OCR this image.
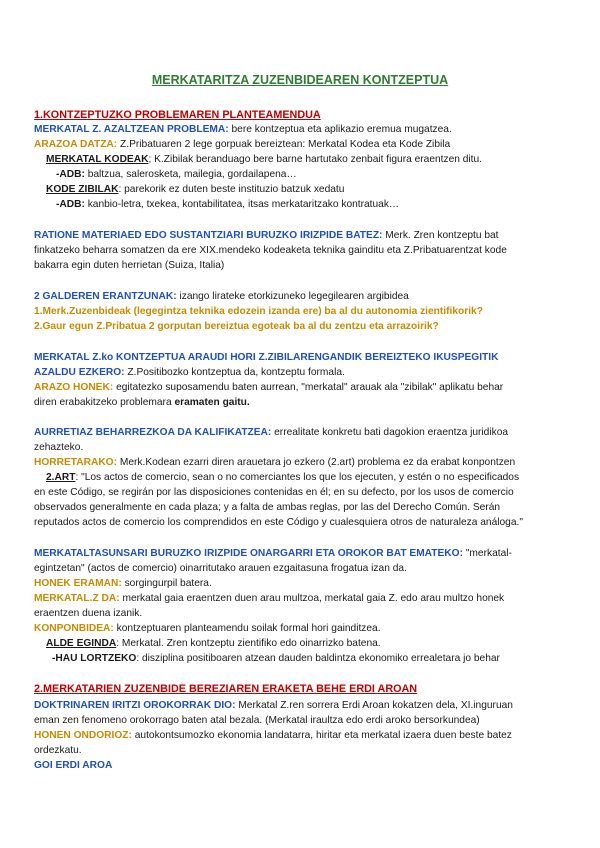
MERKATARITZA ZUZENBIDEAREN KONTZEPTUA
1.KONTZEPTUZKO PROBLEMAREN PLANTEAMENDUA
MERKATAL Z. AZALTZEAN PROBLEMA: bere kontzeptua eta aplikazio eremua mugatzea.
ARAZOA DATZA: Z.Pribatuaren 2 lege gorpuak bereiztean: Merkatal Kodea eta Kode Zibila
MERKATAL KODEAK; K.Zibilak beranduago bere barne hartutako zenbait figura eraentzen ditu.
-ADB: baltzua, salerosketa, mailegia, gordailapena…
KODE ZIBILAK: parekorik ez duten beste instituzio batzuk xedatu
-ADB: kanbio-letra, txekea, kontabilitatea, itsas merkataritzako kontratuak…
RATIONE MATERIAED EDO SUSTANTZIARI BURUZKO IRIZPIDE BATEZ: Merk. Zren kontzeptu bat
finkatzeko beharra somatzen da ere XIX.mendeko kodeaketa teknika gainditu eta Z.Pribatuarentzat kode
bakarra egin duten herrietan (Suiza, Italia)
2 GALDEREN ERANTZUNAK: izango lirateke etorkizuneko legegilearen argibidea
1.Merk.Zuzenbideak (legegintza teknika edozein izanda ere) ba al du autonomia zientifikorik?
2.Gaur egun Z.Pribatua 2 gorputan bereiztua egoteak ba al du zentzu eta arrazoirik?
MERKATAL Z.ko KONTZEPTUA ARAUDI HORI Z.ZIBILARENGANDIK BEREIZTEKO IKUSPEGITIK
AZALDU EZKERO: Z.Positibozko kontzeptua da, kontzeptu formala.
ARAZO HONEK: egitatezko suposamendu baten aurrean, "merkatal" arauak ala "zibilak" aplikatu behar
diren erabakitzeko problemara eramaten gaitu.
AURRETIAZ BEHARREZKOA DA KALIFIKATZEA: errealitate konkretu bati dagokion eraentza juridikoa
zehazteko.
HORRETARAKO: Merk.Kodean ezarri diren arauetara jo ezkero (2.art) problema ez da erabat konpontzen
2.ART: "Los actos de comercio, sean o no comerciantes los que los ejecuten, y estén o no especificados
en este Código, se regirán por las disposiciones contenidas en él; en su defecto, por los usos de comercio
observados generalmente en cada plaza; y a falta de ambas reglas, por las del Derecho Común. Serán
reputados actos de comercio los comprendidos en este Código y cualesquiera otros de naturaleza análoga."
MERKATALTASUNSARI BURUZKO IRIZPIDE ONARGARRI ETA OROKOR BAT EMATEKO: "merkatal-
egintzetan" (actos de comercio) oinarritutako arauen ezgaitasuna frogatua izan da.
HONEK ERAMAN: sorgingurpil batera.
MERKATAL.Z DA: merkatal gaia eraentzen duen arau multzoa, merkatal gaia Z. edo arau multzo honek
eraentzen duena izanik.
KONPONBIDEA: kontzeptuaren planteamendu soilak formal hori gainditzea.
ALDE EGINDA: Merkatal. Zren kontzeptu zientifiko edo oinarrizko batena.
-HAU LORTZEKO: disziplina positiboaren atzean dauden baldintza ekonomiko errealetara jo behar
2.MERKATARIEN ZUZENBIDE BEREZIAREN ERAKETA BEHE ERDI AROAN
DOKTRINAREN IRITZI OROKORRAK DIO: Merkatal Z.ren sorrera Erdi Aroan kokatzen dela, XI.inguruan
eman zen fenomeno orokorrago baten atal bezala. (Merkatal iraultza edo erdi aroko bersorkundea)
HONEN ONDORIOZ: autokontsumozko ekonomia landatarra, hiritar eta merkatal izaera duen beste batez
ordezkatu.
GOI ERDI AROA
